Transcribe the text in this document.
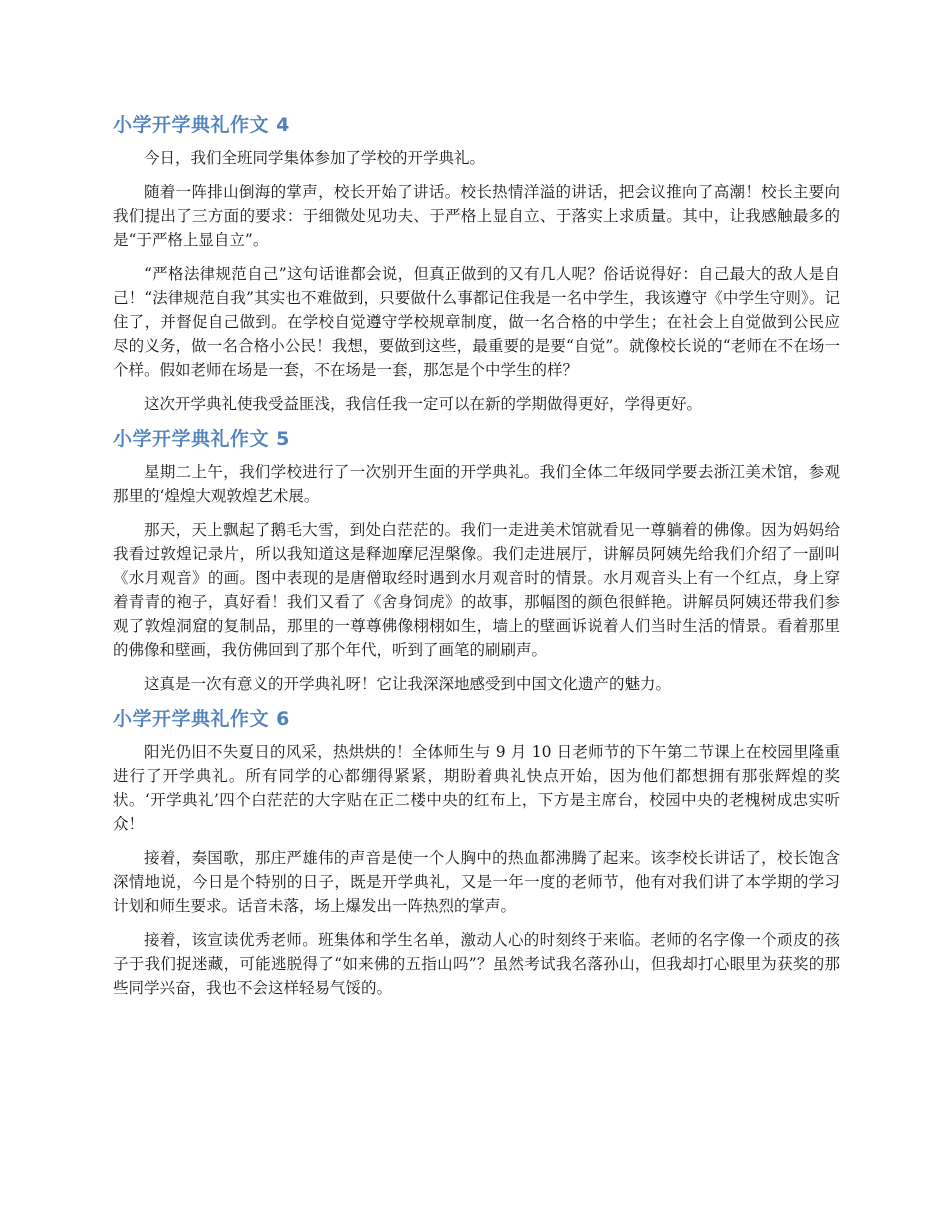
小学开学典礼作文 4

今日，我们全班同学集体参加了学校的开学典礼。

随着一阵排山倒海的掌声，校长开始了讲话。校长热情洋溢的讲话，把会议推向了高潮！校长主要向我们提出了三方面的要求：于细微处见功夫、于严格上显自立、于落实上求质量。其中，让我感触最多的是“于严格上显自立”。

“严格法律规范自己”这句话谁都会说，但真正做到的又有几人呢？俗话说得好：自己最大的敌人是自己！“法律规范自我”其实也不难做到，只要做什么事都记住我是一名中学生，我该遵守《中学生守则》。记住了，并督促自己做到。在学校自觉遵守学校规章制度，做一名合格的中学生；在社会上自觉做到公民应尽的义务，做一名合格小公民！我想，要做到这些，最重要的是要“自觉”。就像校长说的“老师在不在场一个样。假如老师在场是一套，不在场是一套，那怎是个中学生的样？

这次开学典礼使我受益匪浅，我信任我一定可以在新的学期做得更好，学得更好。

小学开学典礼作文 5

星期二上午，我们学校进行了一次别开生面的开学典礼。我们全体二年级同学要去浙江美术馆，参观那里的‘煌煌大观敦煌艺术展。

那天，天上飘起了鹅毛大雪，到处白茫茫的。我们一走进美术馆就看见一尊躺着的佛像。因为妈妈给我看过敦煌记录片，所以我知道这是释迦摩尼涅槃像。我们走进展厅，讲解员阿姨先给我们介绍了一副叫《水月观音》的画。图中表现的是唐僧取经时遇到水月观音时的情景。水月观音头上有一个红点，身上穿着青青的袍子，真好看！我们又看了《舍身饲虎》的故事，那幅图的颜色很鲜艳。讲解员阿姨还带我们参观了敦煌洞窟的复制品，那里的一尊尊佛像栩栩如生，墙上的壁画诉说着人们当时生活的情景。看着那里的佛像和壁画，我仿佛回到了那个年代，听到了画笔的刷刷声。

这真是一次有意义的开学典礼呀！它让我深深地感受到中国文化遗产的魅力。

小学开学典礼作文 6

阳光仍旧不失夏日的风采，热烘烘的！全体师生与 9 月 10 日老师节的下午第二节课上在校园里隆重进行了开学典礼。所有同学的心都绷得紧紧，期盼着典礼快点开始，因为他们都想拥有那张辉煌的奖状。‘开学典礼’四个白茫茫的大字贴在正二楼中央的红布上，下方是主席台，校园中央的老槐树成忠实听众！

接着，奏国歌，那庄严雄伟的声音是使一个人胸中的热血都沸腾了起来。该李校长讲话了，校长饱含深情地说，今日是个特别的日子，既是开学典礼，又是一年一度的老师节，他有对我们讲了本学期的学习计划和师生要求。话音未落，场上爆发出一阵热烈的掌声。

接着，该宣读优秀老师。班集体和学生名单，激动人心的时刻终于来临。老师的名字像一个顽皮的孩子于我们捉迷藏，可能逃脱得了“如来佛的五指山吗”？虽然考试我名落孙山，但我却打心眼里为获奖的那些同学兴奋，我也不会这样轻易气馁的。
